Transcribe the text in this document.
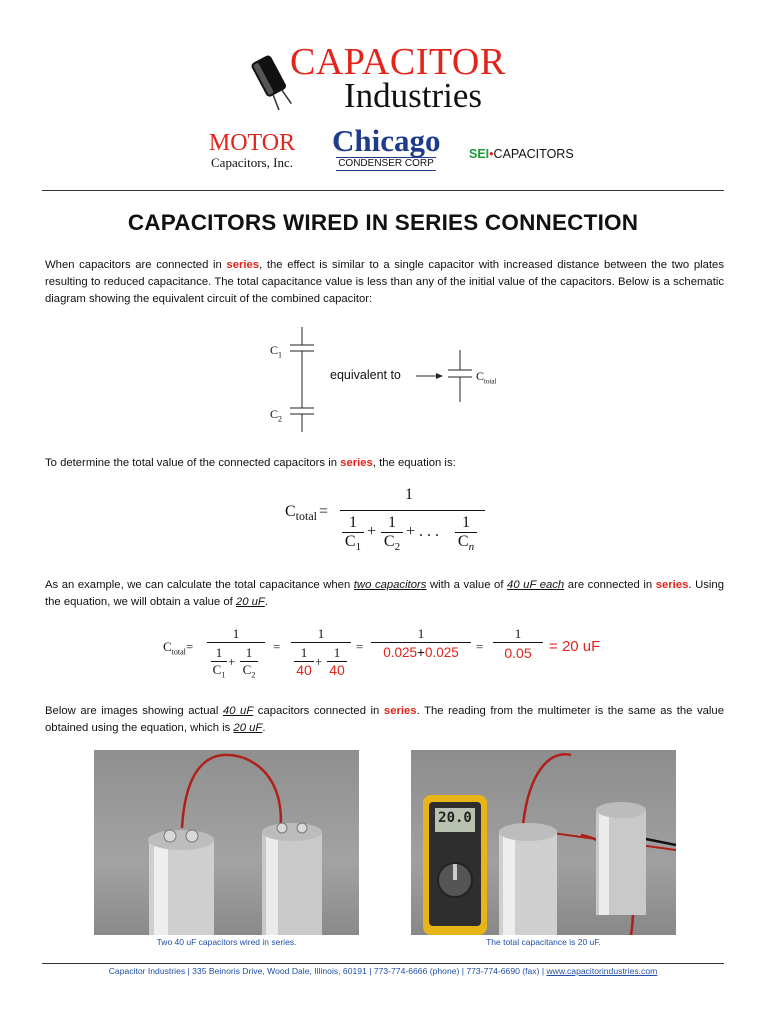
CAPACITOR
Industries
MOTOR
Capacitors, Inc.
Chicago
CONDENSER CORP
SEI•CAPACITORS
CAPACITORS WIRED IN SERIES CONNECTION
When capacitors are connected in series, the effect is similar to a single capacitor with increased distance between the two plates resulting to reduced capacitance. The total capacitance value is less than any of the initial value of the capacitors. Below is a schematic diagram showing the equivalent circuit of the combined capacitor:
$C_1$
$C_2$
equivalent to	$C_{total}$
To determine the total value of the connected capacitors in series, the equation is:
$C_{total}$ =
1
1
$C_1$
+
1
$C_2$
+ . . .
1
$C_n$
As an example, we can calculate the total capacitance when two capacitors with a value of 40 uF each are connected in series. Using the equation, we will obtain a value of 20 uF.
$C_{total}=$
1
1
$C_1$
+
1
$C_2$
=
1
1
40
+
1
40
=
1
0.025+0.025	=
1
0.05	= 20 uF
Below are images showing actual 40 uF capacitors connected in series. The reading from the multimeter is the same as the value obtained using the equation, which is 20 uF.
Two 40 uF capacitors wired in series.
20.0
The total capacitance is 20 uF.
Capacitor Industries | 335 Beinoris Drive, Wood Dale, Illinois, 60191 | 773-774-6666 (phone) | 773-774-6690 (fax) | www.capacitorindustries.com
